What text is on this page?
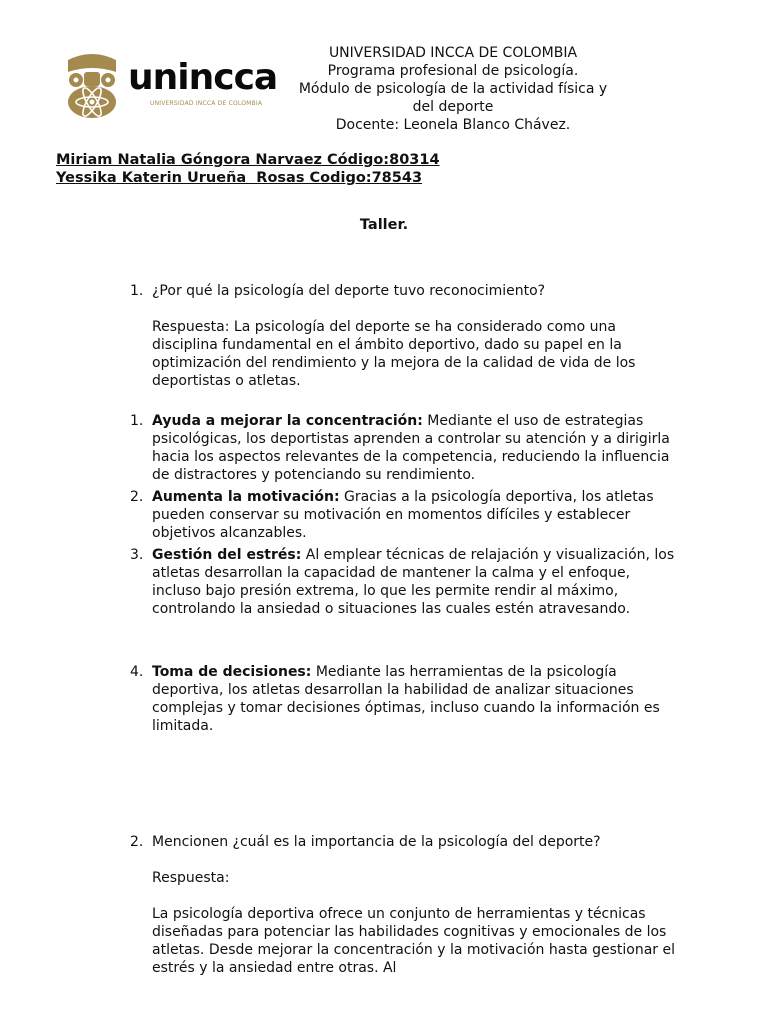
unincca
UNIVERSIDAD INCCA DE COLOMBIA
UNIVERSIDAD INCCA DE COLOMBIA
Programa profesional de psicología.
Módulo de psicología de la actividad física y del deporte
Docente: Leonela Blanco Chávez.
Miriam Natalia Góngora Narvaez Código:80314
Yessika Katerin Urueña  Rosas Codigo:78543
Taller.
1. ¿Por qué la psicología del deporte tuvo reconocimiento?
Respuesta: La psicología del deporte se ha considerado como una disciplina fundamental en el ámbito deportivo, dado su papel en la optimización del rendimiento y la mejora de la calidad de vida de los deportistas o atletas.
1. Ayuda a mejorar la concentración: Mediante el uso de estrategias psicológicas, los deportistas aprenden a controlar su atención y a dirigirla hacia los aspectos relevantes de la competencia, reduciendo la influencia de distractores y potenciando su rendimiento.
2. Aumenta la motivación: Gracias a la psicología deportiva, los atletas pueden conservar su motivación en momentos difíciles y establecer objetivos alcanzables.
3. Gestión del estrés: Al emplear técnicas de relajación y visualización, los atletas desarrollan la capacidad de mantener la calma y el enfoque, incluso bajo presión extrema, lo que les permite rendir al máximo, controlando la ansiedad o situaciones las cuales estén atravesando.
4. Toma de decisiones: Mediante las herramientas de la psicología deportiva, los atletas desarrollan la habilidad de analizar situaciones complejas y tomar decisiones óptimas, incluso cuando la información es limitada.
2. Mencionen ¿cuál es la importancia de la psicología del deporte?
Respuesta:
La psicología deportiva ofrece un conjunto de herramientas y técnicas diseñadas para potenciar las habilidades cognitivas y emocionales de los atletas. Desde mejorar la concentración y la motivación hasta gestionar el estrés y la ansiedad entre otras. Al
